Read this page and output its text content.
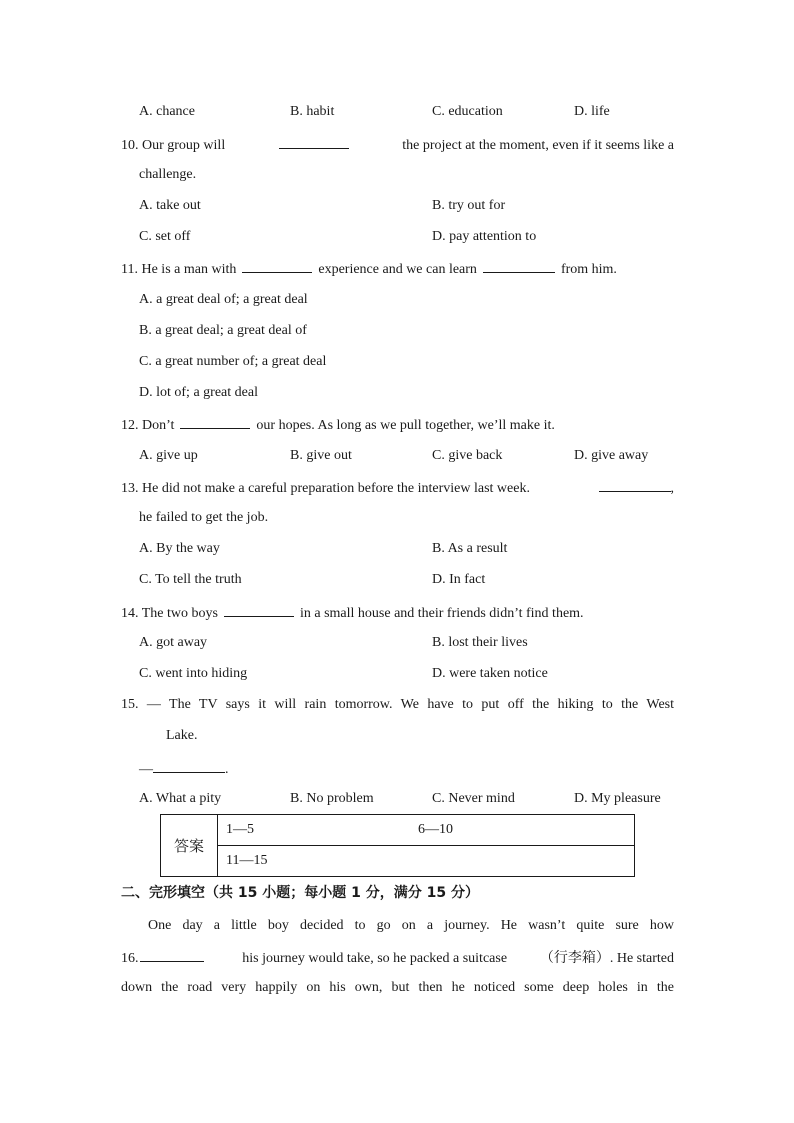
A. chance	B. habit	C. education	D. life
10. Our group will	the project at the moment, even if it seems like a
challenge.
A. take out	B. try out for
C. set off	D. pay attention to
11. He is a man with	experience and we can learn	from him.
A. a great deal of; a great deal
B. a great deal; a great deal of
C. a great number of; a great deal
D. lot of; a great deal
12. Don’t	our hopes. As long as we pull together, we’ll make it.
A. give up	B. give out	C. give back	D. give away
13. He did not make a careful preparation before the interview last week.	,
he failed to get the job.
A. By the way	B. As a result
C. To tell the truth	D. In fact
14. The two boys	in a small house and their friends didn’t find them.
A. got away	B. lost their lives
C. went into hiding	D. were taken notice
15. — The TV says it will rain tomorrow. We have to put off the hiking to the West
Lake.
—	.
A. What a pity	B. No problem	C. Never mind	D. My pleasure
答案	1—5	6—10

11—15
二、完形填空（共 15 小题；每小题 1 分，满分 15 分）
One day a little boy decided to go on a journey. He wasn’t quite sure how
16.	his journey would take, so he packed a suitcase （行李箱）. He started
down the road very happily on his own, but then he noticed some deep holes in the
